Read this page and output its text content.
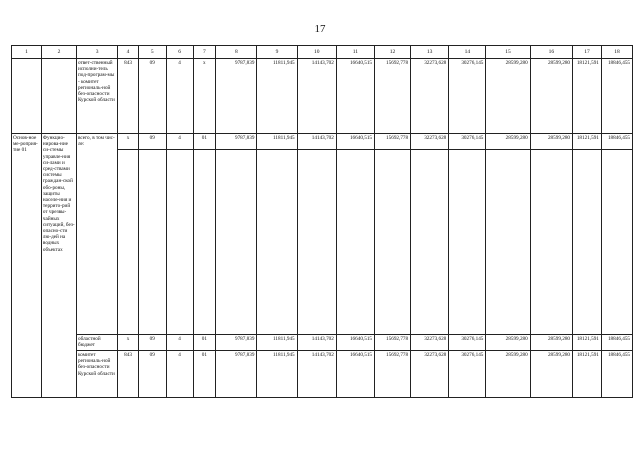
17
1	2	3	4	5	6	7	8	9	10	11	12	13	14	15	16	17	18
		ответ-ственный исполни-тель под-програм-мы - комитет региональ-ной без-опасности Курской области	843	09	4	х	9787,839	11811,945	14143,702	16640,515	15692,778	32273,628	30276,145	28599,280	28599,280	18121,591	18846,455
Основ-ное ме-роприя-тие 01	Функцио-нирова-ние си-стемы управле-ния си-лами и сред-ствами системы граждан-ской обо-роны, защиты населе-ния и террито-рий от чрезвы-чайных ситуаций, без-опасно-сти лю-дей на водных объектах	всего, в том чис-ле:	х	09	4	01	9787,839	11811,945	14143,702	16640,515	15692,778	32273,628	30276,145	28599,280	28599,280	18121,591	18846,455

		областной бюджет	х	09	4	01	9787,839	11811,945	14143,702	16640,515	15692,778	32273,628	30276,145	28599,280	28599,280	18121,591	18846,455
		комитет региональ-ной без-опасности Курской области	843	09	4	01	9787,839	11811,945	14143,702	16640,515	15692,778	32273,628	30276,145	28599,280	28599,280	18121,591	18846,455
